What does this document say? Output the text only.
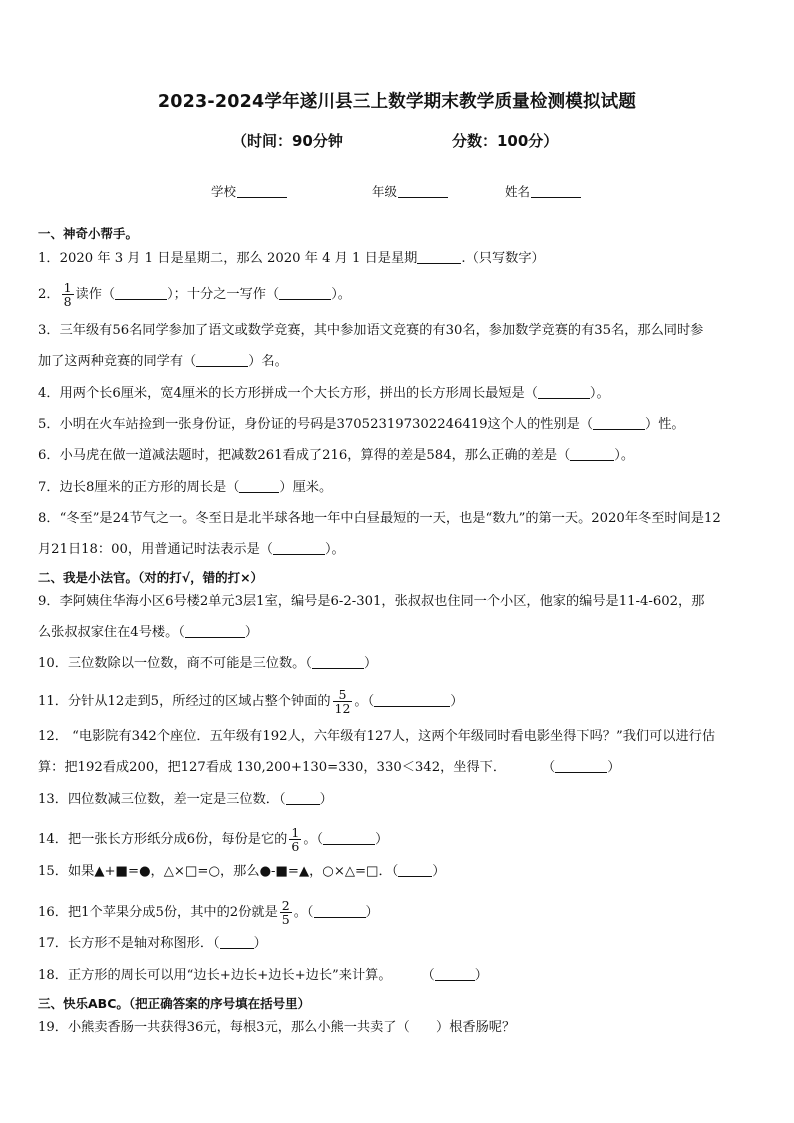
2023-2024学年遂川县三上数学期末教学质量检测模拟试题
（时间：90分钟	分数：100分）
学校	年级	姓名
一、神奇小帮手。
1．2020 年 3 月 1 日是星期二，那么 2020 年 4 月 1 日是星期	.（只写数字）
2． $\frac{1}{8}$ 读作（	）；十分之一写作（	）。
3．三年级有56名同学参加了语文或数学竞赛，其中参加语文竞赛的有30名，参加数学竞赛的有35名，那么同时参
加了这两种竞赛的同学有（	）名。
4．用两个长6厘米，宽4厘米的长方形拼成一个大长方形，拼出的长方形周长最短是（	）。
5．小明在火车站捡到一张身份证，身份证的号码是370523197302246419这个人的性别是（	）性。
6．小马虎在做一道减法题时，把减数261看成了216，算得的差是584，那么正确的差是（	）。
7．边长8厘米的正方形的周长是（	）厘米。
8．“冬至”是24节气之一。冬至日是北半球各地一年中白昼最短的一天，也是“数九”的第一天。2020年冬至时间是12
月21日18：00，用普通记时法表示是（	）。
二、我是小法官。（对的打√，错的打×）
9．李阿姨住华海小区6号楼2单元3层1室，编号是6-2-301，张叔叔也住同一个小区，他家的编号是11-4-602，那
么张叔叔家住在4号楼。（	）
10．三位数除以一位数，商不可能是三位数。（	）
11．分针从12走到5，所经过的区域占整个钟面的 $\frac{5}{12}$ 。（	）
12． “电影院有342个座位．五年级有192人，六年级有127人，这两个年级同时看电影坐得下吗？”我们可以进行估
算：把192看成200，把127看成 130,200+130=330，330＜342，坐得下．	（	）
13．四位数减三位数，差一定是三位数．（	）
14．把一张长方形纸分成6份，每份是它的 $\frac{1}{6}$ 。（	）
15．如果▲+■=●，△×□=○，那么●-■=▲，○×△=□．（	）
16．把1个苹果分成5份，其中的2份就是 $\frac{2}{5}$ 。（	）
17．长方形不是轴对称图形．（	）
18．正方形的周长可以用“边长+边长+边长+边长”来计算。 （	）
三、快乐ABC。（把正确答案的序号填在括号里）
19．小熊卖香肠一共获得36元，每根3元，那么小熊一共卖了（　　）根香肠呢？
